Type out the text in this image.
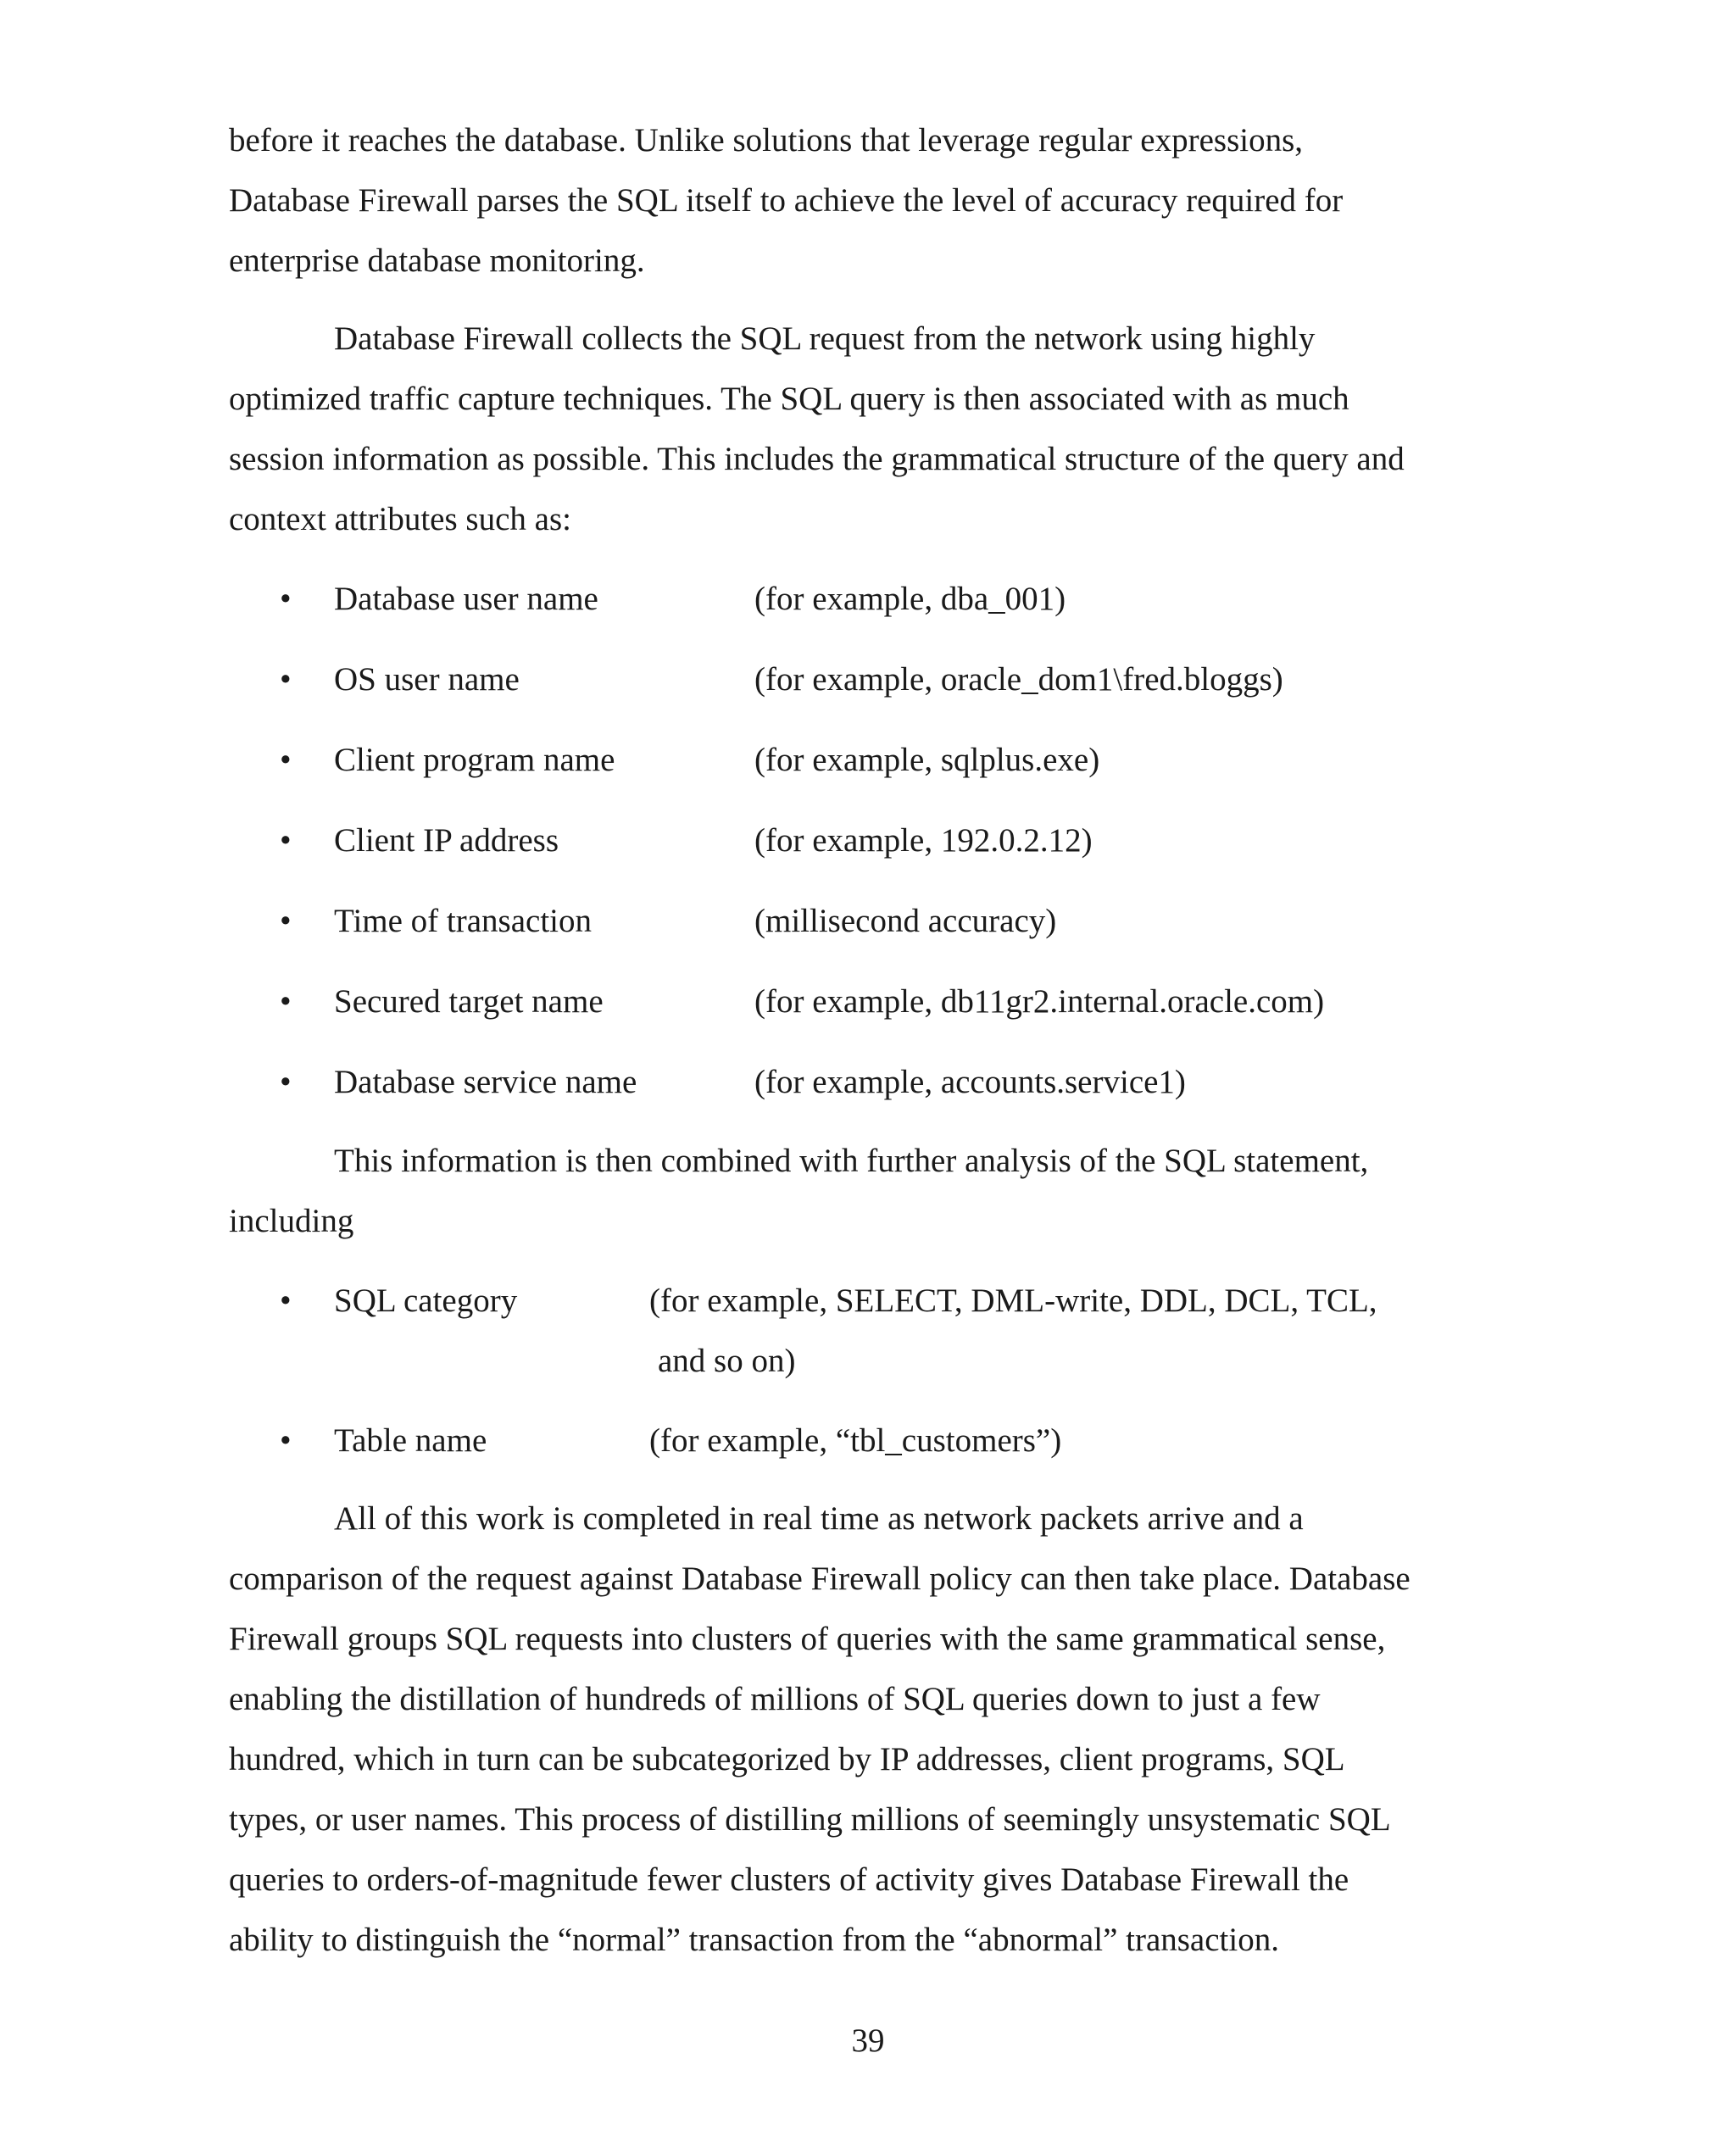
before it reaches the database. Unlike solutions that leverage regular expressions,

Database Firewall parses the SQL itself to achieve the level of accuracy required for

enterprise database monitoring.

Database Firewall collects the SQL request from the network using highly

optimized traffic capture techniques. The SQL query is then associated with as much

session information as possible. This includes the grammatical structure of the query and

context attributes such as:

• Database user name	(for example, dba_001)
• OS user name	(for example, oracle_dom1\fred.bloggs)
• Client program name	(for example, sqlplus.exe)
• Client IP address	(for example, 192.0.2.12)
• Time of transaction	(millisecond accuracy)
• Secured target name	(for example, db11gr2.internal.oracle.com)
• Database service name	(for example, accounts.service1)

This information is then combined with further analysis of the SQL statement,

including

• SQL category	(for example, SELECT, DML-write, DDL, DCL, TCL,
and so on)
• Table name	(for example, “tbl_customers”)

All of this work is completed in real time as network packets arrive and a

comparison of the request against Database Firewall policy can then take place. Database

Firewall groups SQL requests into clusters of queries with the same grammatical sense,

enabling the distillation of hundreds of millions of SQL queries down to just a few

hundred, which in turn can be subcategorized by IP addresses, client programs, SQL

types, or user names. This process of distilling millions of seemingly unsystematic SQL

queries to orders-of-magnitude fewer clusters of activity gives Database Firewall the

ability to distinguish the “normal” transaction from the “abnormal” transaction.

39
